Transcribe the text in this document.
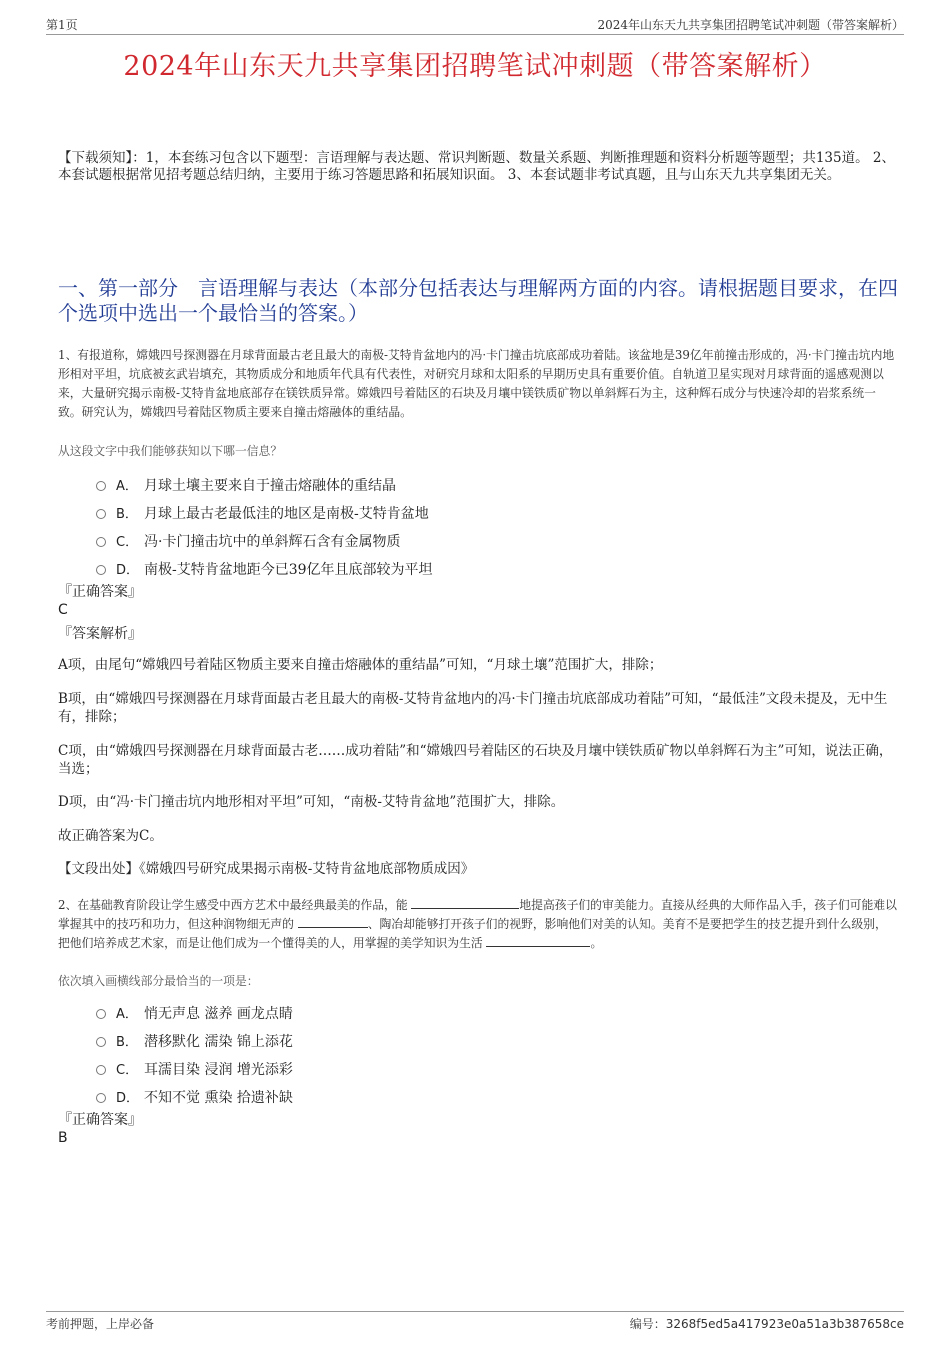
第1页	2024年山东天九共享集团招聘笔试冲刺题（带答案解析）
2024年山东天九共享集团招聘笔试冲刺题（带答案解析）
【下载须知】：1，本套练习包含以下题型：言语理解与表达题、常识判断题、数量关系题、判断推理题和资料分析题等题型；共135道。 2、本套试题根据常见招考题总结归纳，主要用于练习答题思路和拓展知识面。 3、本套试题非考试真题，且与山东天九共享集团无关。
一、第一部分　言语理解与表达（本部分包括表达与理解两方面的内容。请根据题目要求，在四个选项中选出一个最恰当的答案。）
1、有报道称，嫦娥四号探测器在月球背面最古老且最大的南极-艾特肯盆地内的冯·卡门撞击坑底部成功着陆。该盆地是39亿年前撞击形成的，冯·卡门撞击坑内地形相对平坦，坑底被玄武岩填充，其物质成分和地质年代具有代表性，对研究月球和太阳系的早期历史具有重要价值。自轨道卫星实现对月球背面的遥感观测以来，大量研究揭示南极-艾特肯盆地底部存在镁铁质异常。嫦娥四号着陆区的石块及月壤中镁铁质矿物以单斜辉石为主，这种辉石成分与快速冷却的岩浆系统一致。研究认为，嫦娥四号着陆区物质主要来自撞击熔融体的重结晶。
从这段文字中我们能够获知以下哪一信息？
A． 月球土壤主要来自于撞击熔融体的重结晶
B． 月球上最古老最低洼的地区是南极-艾特肯盆地
C． 冯·卡门撞击坑中的单斜辉石含有金属物质
D． 南极-艾特肯盆地距今已39亿年且底部较为平坦
『正确答案』
C
『答案解析』
A项，由尾句“嫦娥四号着陆区物质主要来自撞击熔融体的重结晶”可知，“月球土壤”范围扩大，排除；
B项，由“嫦娥四号探测器在月球背面最古老且最大的南极-艾特肯盆地内的冯·卡门撞击坑底部成功着陆”可知，“最低洼”文段未提及，无中生有，排除；
C项，由“嫦娥四号探测器在月球背面最古老……成功着陆”和“嫦娥四号着陆区的石块及月壤中镁铁质矿物以单斜辉石为主”可知，说法正确，当选；
D项，由“冯·卡门撞击坑内地形相对平坦”可知，“南极-艾特肯盆地”范围扩大，排除。
故正确答案为C。
【文段出处】《嫦娥四号研究成果揭示南极-艾特肯盆地底部物质成因》
2、在基础教育阶段让学生感受中西方艺术中最经典最美的作品，能	地提高孩子们的审美能力。直接从经典的大师作品入手，孩子们可能难以掌握其中的技巧和功力，但这种润物细无声的	、陶冶却能够打开孩子们的视野，影响他们对美的认知。美育不是要把学生的技艺提升到什么级别，把他们培养成艺术家，而是让他们成为一个懂得美的人，用掌握的美学知识为生活	。
依次填入画横线部分最恰当的一项是：
A． 悄无声息 滋养 画龙点睛
B． 潜移默化 濡染 锦上添花
C． 耳濡目染 浸润 增光添彩
D． 不知不觉 熏染 拾遗补缺
『正确答案』
B
考前押题，上岸必备	编号：3268f5ed5a417923e0a51a3b387658ce
